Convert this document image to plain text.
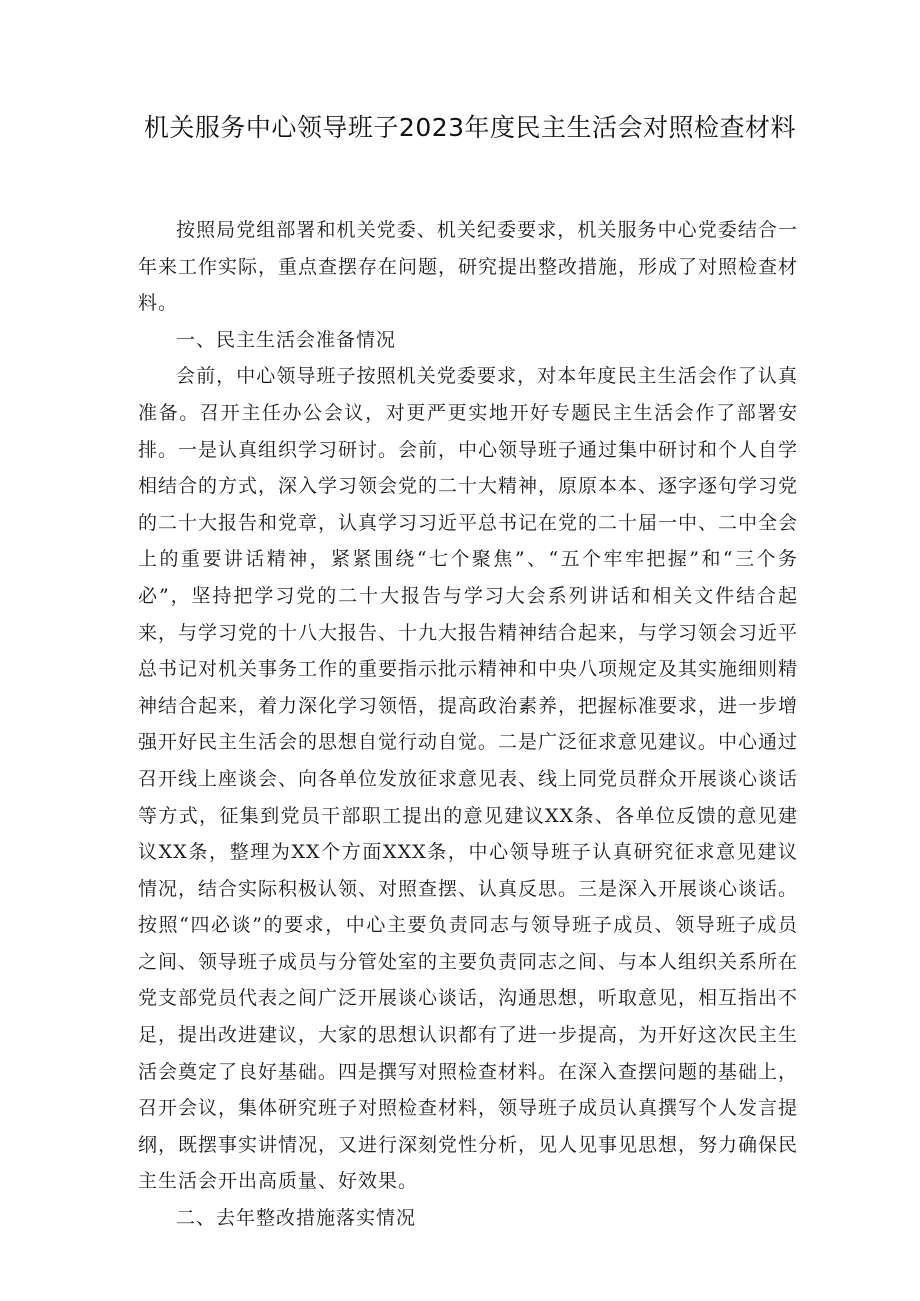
机关服务中心领导班子2023年度民主生活会对照检查材料

按照局党组部署和机关党委、机关纪委要求，机关服务中心党委结合一年来工作实际，重点查摆存在问题，研究提出整改措施，形成了对照检查材料。

一、民主生活会准备情况

会前，中心领导班子按照机关党委要求，对本年度民主生活会作了认真准备。召开主任办公会议，对更严更实地开好专题民主生活会作了部署安排。一是认真组织学习研讨。会前，中心领导班子通过集中研讨和个人自学相结合的方式，深入学习领会党的二十大精神，原原本本、逐字逐句学习党的二十大报告和党章，认真学习习近平总书记在党的二十届一中、二中全会上的重要讲话精神，紧紧围绕“七个聚焦”、“五个牢牢把握”和“三个务必”，坚持把学习党的二十大报告与学习大会系列讲话和相关文件结合起来，与学习党的十八大报告、十九大报告精神结合起来，与学习领会习近平总书记对机关事务工作的重要指示批示精神和中央八项规定及其实施细则精神结合起来，着力深化学习领悟，提高政治素养，把握标准要求，进一步增强开好民主生活会的思想自觉行动自觉。二是广泛征求意见建议。中心通过召开线上座谈会、向各单位发放征求意见表、线上同党员群众开展谈心谈话等方式，征集到党员干部职工提出的意见建议XX条、各单位反馈的意见建议XX条，整理为XX个方面XXX条，中心领导班子认真研究征求意见建议情况，结合实际积极认领、对照查摆、认真反思。三是深入开展谈心谈话。按照“四必谈”的要求，中心主要负责同志与领导班子成员、领导班子成员之间、领导班子成员与分管处室的主要负责同志之间、与本人组织关系所在党支部党员代表之间广泛开展谈心谈话，沟通思想，听取意见，相互指出不足，提出改进建议，大家的思想认识都有了进一步提高，为开好这次民主生活会奠定了良好基础。四是撰写对照检查材料。在深入查摆问题的基础上，召开会议，集体研究班子对照检查材料，领导班子成员认真撰写个人发言提纲，既摆事实讲情况，又进行深刻党性分析，见人见事见思想，努力确保民主生活会开出高质量、好效果。

二、去年整改措施落实情况
